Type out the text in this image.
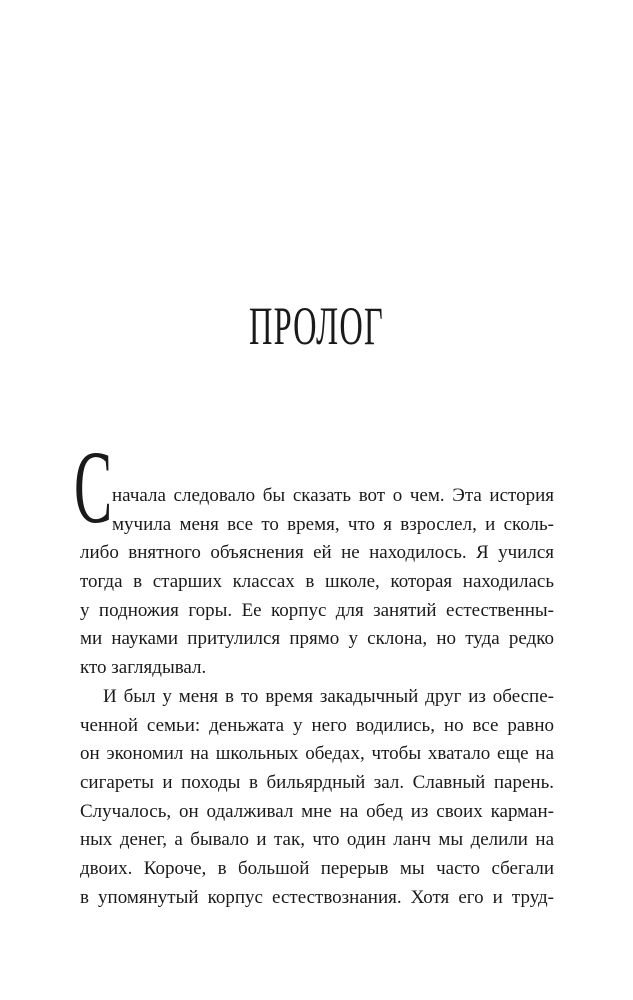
ПРОЛОГ
С начала следовало бы сказать вот о чем. Эта история
мучила меня все то время, что я взрослел, и сколь-
либо внятного объяснения ей не находилось. Я учился
тогда в старших классах в школе, которая находилась
у подножия горы. Ее корпус для занятий естественны-
ми науками притулился прямо у склона, но туда редко
кто заглядывал.
И был у меня в то время закадычный друг из обеспе-
ченной семьи: деньжата у него водились, но все равно
он экономил на школьных обедах, чтобы хватало еще на
сигареты и походы в бильярдный зал. Славный парень.
Случалось, он одалживал мне на обед из своих карман-
ных денег, а бывало и так, что один ланч мы делили на
двоих. Короче, в большой перерыв мы часто сбегали
в упомянутый корпус естествознания. Хотя его и труд-
